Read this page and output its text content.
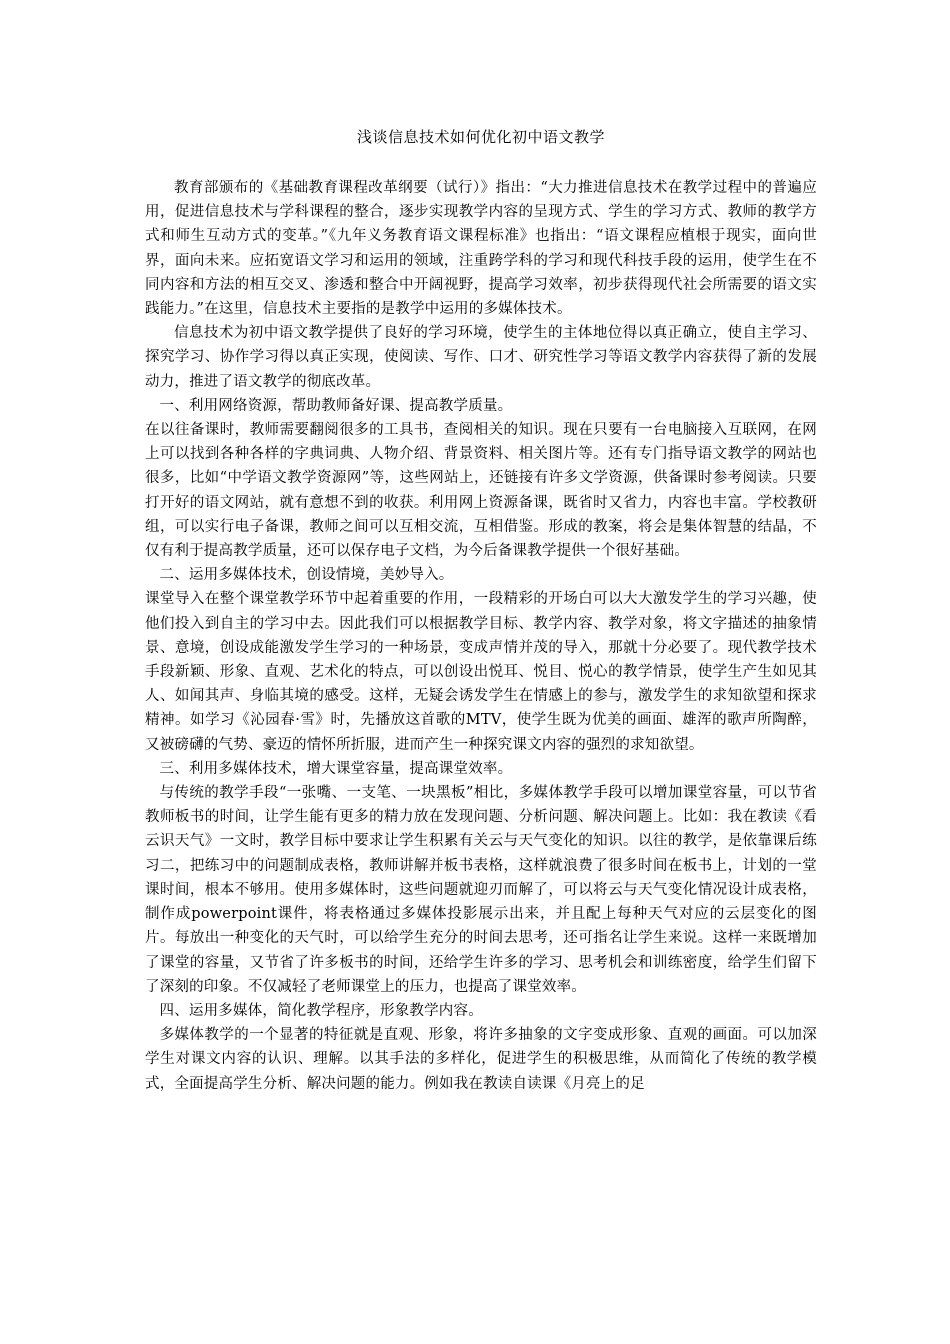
浅谈信息技术如何优化初中语文教学

教育部颁布的《基础教育课程改革纲要（试行）》指出：“大力推进信息技术在教学过程中的普遍应用，促进信息技术与学科课程的整合，逐步实现教学内容的呈现方式、学生的学习方式、教师的教学方式和师生互动方式的变革。”《九年义务教育语文课程标准》也指出：“语文课程应植根于现实，面向世界，面向未来。应拓宽语文学习和运用的领域，注重跨学科的学习和现代科技手段的运用，使学生在不同内容和方法的相互交叉、渗透和整合中开阔视野，提高学习效率，初步获得现代社会所需要的语文实践能力。”在这里，信息技术主要指的是教学中运用的多媒体技术。

信息技术为初中语文教学提供了良好的学习环境，使学生的主体地位得以真正确立，使自主学习、探究学习、协作学习得以真正实现，使阅读、写作、口才、研究性学习等语文教学内容获得了新的发展动力，推进了语文教学的彻底改革。

一、利用网络资源，帮助教师备好课、提高教学质量。

在以往备课时，教师需要翻阅很多的工具书，查阅相关的知识。现在只要有一台电脑接入互联网，在网上可以找到各种各样的字典词典、人物介绍、背景资料、相关图片等。还有专门指导语文教学的网站也很多，比如“中学语文教学资源网”等，这些网站上，还链接有许多文学资源，供备课时参考阅读。只要打开好的语文网站，就有意想不到的收获。利用网上资源备课，既省时又省力，内容也丰富。学校教研组，可以实行电子备课，教师之间可以互相交流，互相借鉴。形成的教案，将会是集体智慧的结晶，不仅有利于提高教学质量，还可以保存电子文档，为今后备课教学提供一个很好基础。

二、运用多媒体技术，创设情境，美妙导入。

课堂导入在整个课堂教学环节中起着重要的作用，一段精彩的开场白可以大大激发学生的学习兴趣，使他们投入到自主的学习中去。因此我们可以根据教学目标、教学内容、教学对象，将文字描述的抽象情景、意境，创设成能激发学生学习的一种场景，变成声情并茂的导入，那就十分必要了。现代教学技术手段新颖、形象、直观、艺术化的特点，可以创设出悦耳、悦目、悦心的教学情景，使学生产生如见其人、如闻其声、身临其境的感受。这样，无疑会诱发学生在情感上的参与，激发学生的求知欲望和探求精神。如学习《沁园春·雪》时，先播放这首歌的MTV，使学生既为优美的画面、雄浑的歌声所陶醉，又被磅礴的气势、豪迈的情怀所折服，进而产生一种探究课文内容的强烈的求知欲望。

三、利用多媒体技术，增大课堂容量，提高课堂效率。

与传统的教学手段“一张嘴、一支笔、一块黑板”相比，多媒体教学手段可以增加课堂容量，可以节省教师板书的时间，让学生能有更多的精力放在发现问题、分析问题、解决问题上。比如：我在教读《看云识天气》一文时，教学目标中要求让学生积累有关云与天气变化的知识。以往的教学，是依靠课后练习二，把练习中的问题制成表格，教师讲解并板书表格，这样就浪费了很多时间在板书上，计划的一堂课时间，根本不够用。使用多媒体时，这些问题就迎刃而解了，可以将云与天气变化情况设计成表格，制作成powerpoint课件，将表格通过多媒体投影展示出来，并且配上每种天气对应的云层变化的图片。每放出一种变化的天气时，可以给学生充分的时间去思考，还可指名让学生来说。这样一来既增加了课堂的容量，又节省了许多板书的时间，还给学生许多的学习、思考机会和训练密度，给学生们留下了深刻的印象。不仅减轻了老师课堂上的压力，也提高了课堂效率。

四、运用多媒体，简化教学程序，形象教学内容。

多媒体教学的一个显著的特征就是直观、形象，将许多抽象的文字变成形象、直观的画面。可以加深学生对课文内容的认识、理解。以其手法的多样化，促进学生的积极思维，从而简化了传统的教学模式，全面提高学生分析、解决问题的能力。例如我在教读自读课《月亮上的足
